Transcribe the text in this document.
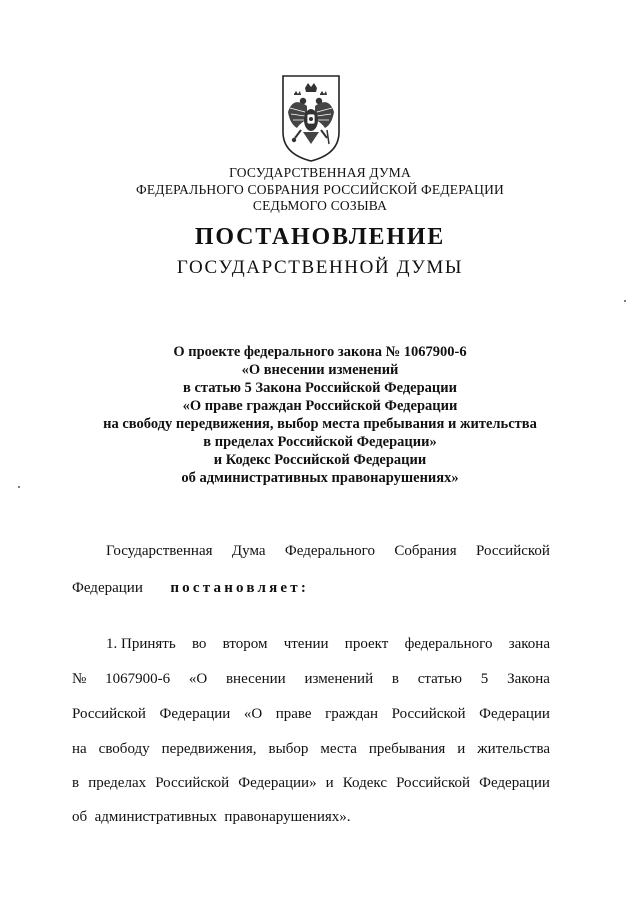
ГОСУДАРСТВЕННАЯ ДУМА
ФЕДЕРАЛЬНОГО СОБРАНИЯ РОССИЙСКОЙ ФЕДЕРАЦИИ
СЕДЬМОГО СОЗЫВА
ПОСТАНОВЛЕНИЕ
ГОСУДАРСТВЕННОЙ ДУМЫ
О проекте федерального закона № 1067900-6
«О внесении изменений
в статью 5 Закона Российской Федерации
«О праве граждан Российской Федерации
на свободу передвижения, выбор места пребывания и жительства
в пределах Российской Федерации»
и Кодекс Российской Федерации
об административных правонарушениях»
Государственная Дума Федерального Собрания Российской
Федерации постановляет:
1. Принять во втором чтении проект федерального закона
№ 1067900-6 «О внесении изменений в статью 5 Закона
Российской Федерации «О праве граждан Российской Федерации
на свободу передвижения, выбор места пребывания и жительства
в пределах Российской Федерации» и Кодекс Российской Федерации
об  административных  правонарушениях».
